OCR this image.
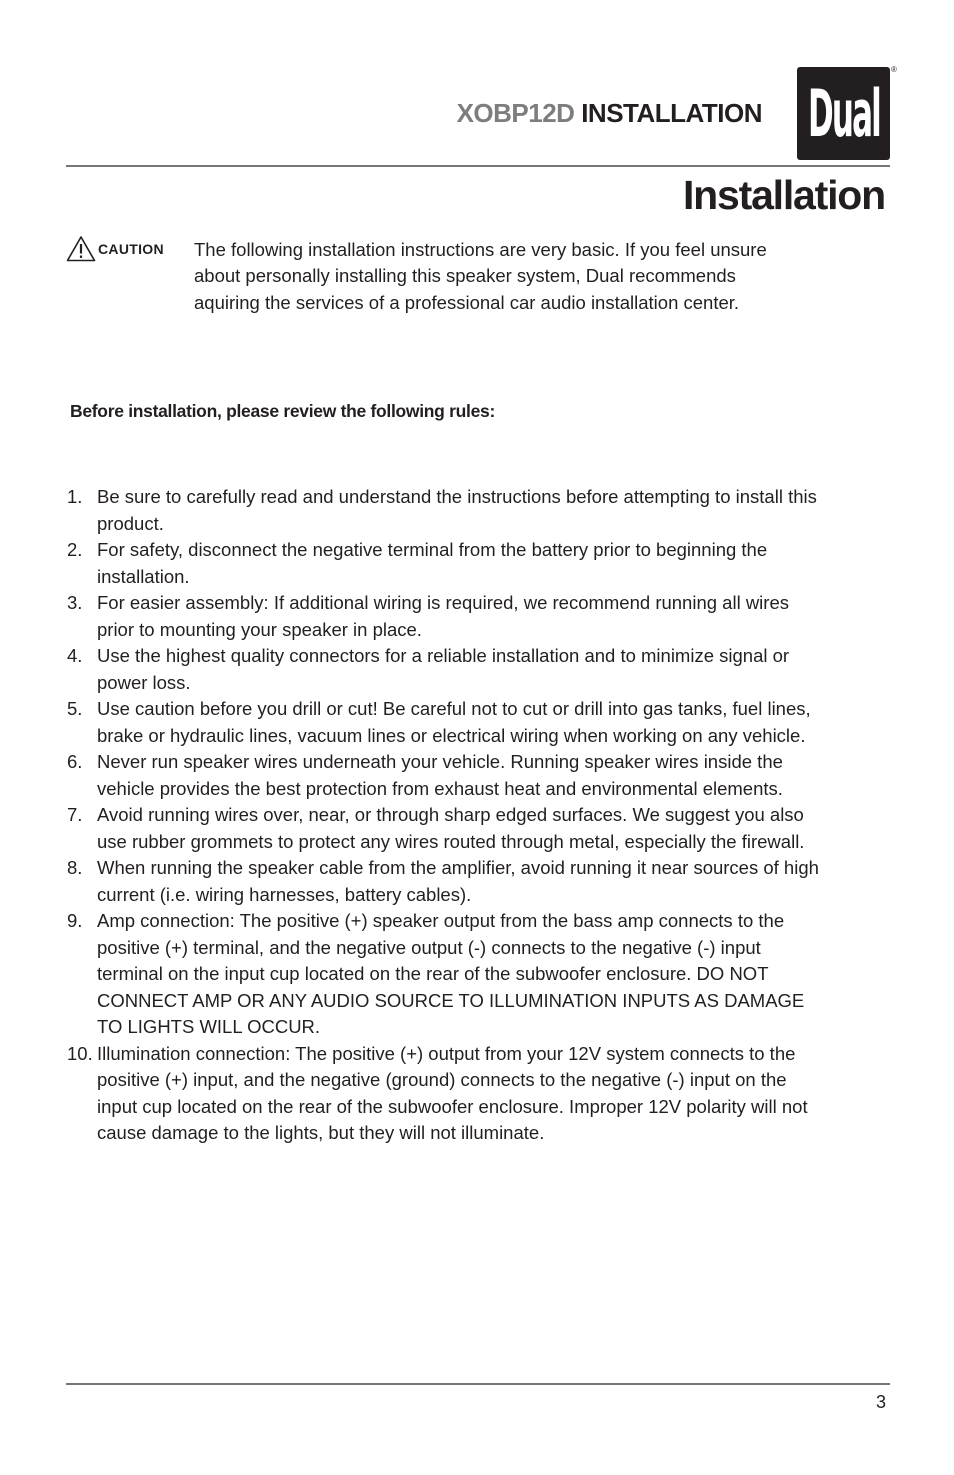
XOBP12D INSTALLATION Dual
®
Installation
CAUTION The following installation instructions are very basic. If you feel unsure about personally installing this speaker system, Dual recommends aquiring the services of a professional car audio installation center.

Before installation, please review the following rules:
1. Be sure to carefully read and understand the instructions before attempting to install this product.
2. For safety, disconnect the negative terminal from the battery prior to beginning the installation.
3. For easier assembly: If additional wiring is required, we recommend running all wires prior to mounting your speaker in place.
4. Use the highest quality connectors for a reliable installation and to minimize signal or power loss.
5. Use caution before you drill or cut! Be careful not to cut or drill into gas tanks, fuel lines, brake or hydraulic lines, vacuum lines or electrical wiring when working on any vehicle.
6. Never run speaker wires underneath your vehicle. Running speaker wires inside the vehicle provides the best protection from exhaust heat and environmental elements.
7. Avoid running wires over, near, or through sharp edged surfaces. We suggest you also use rubber grommets to protect any wires routed through metal, especially the firewall.
8. When running the speaker cable from the amplifier, avoid running it near sources of high current (i.e. wiring harnesses, battery cables).
9. Amp connection: The positive (+) speaker output from the bass amp connects to the positive (+) terminal, and the negative output (-) connects to the negative (-) input terminal on the input cup located on the rear of the subwoofer enclosure. DO NOT CONNECT AMP OR ANY AUDIO SOURCE TO ILLUMINATION INPUTS AS DAMAGE TO LIGHTS WILL OCCUR.
10. Illumination connection: The positive (+) output from your 12V system connects to the positive (+) input, and the negative (ground) connects to the negative (-) input on the input cup located on the rear of the subwoofer enclosure. Improper 12V polarity will not cause damage to the lights, but they will not illuminate.
3
